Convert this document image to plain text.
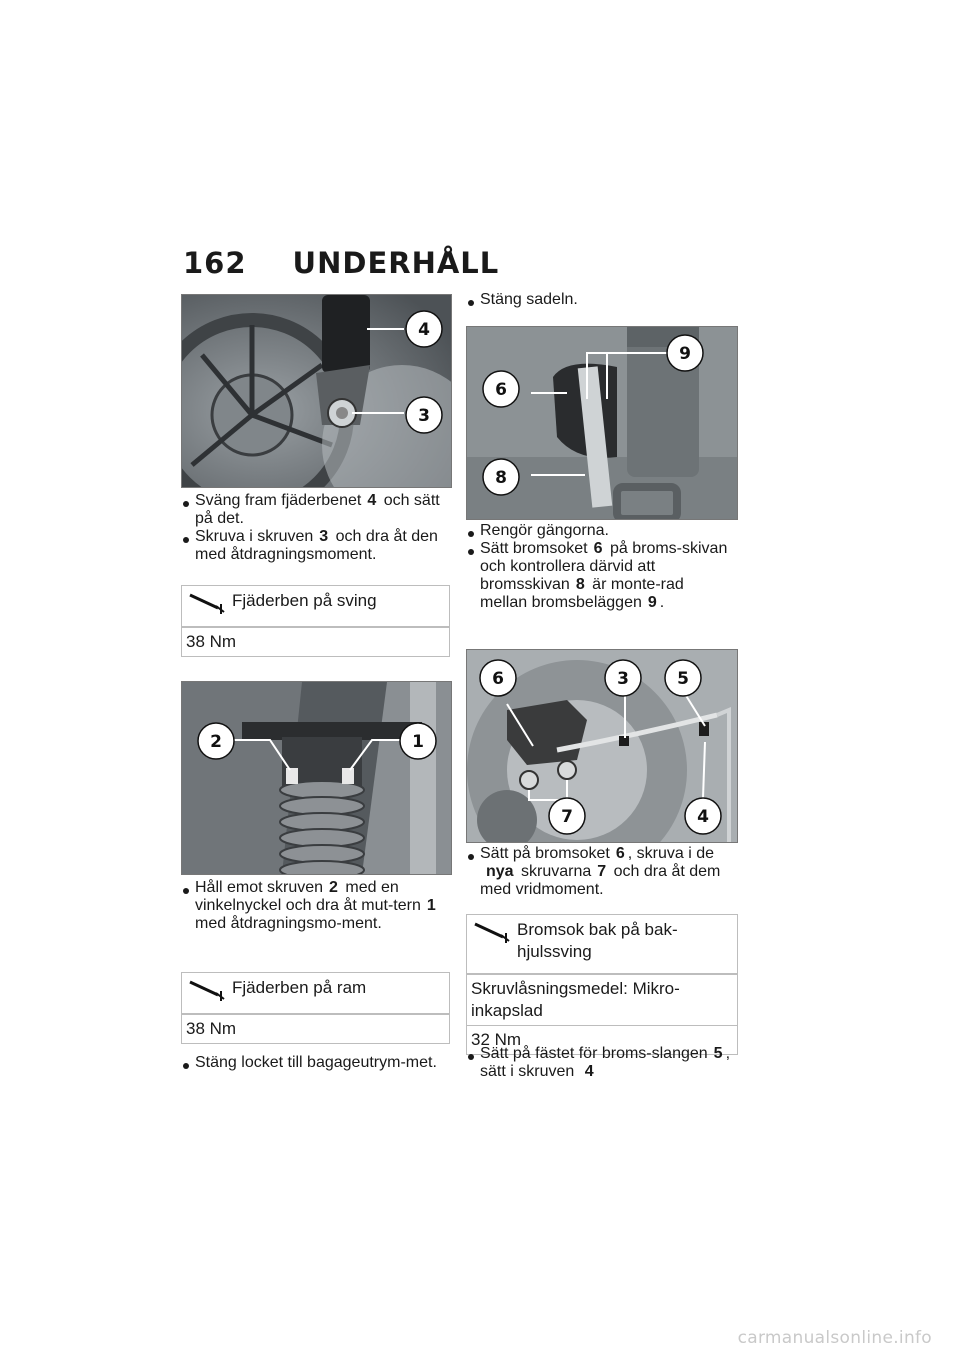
162 UNDERHÅLL
4
3
Sväng fram fjäderbenet 4 och sätt på det.
Skruva i skruven 3 och dra åt den med åtdragningsmoment.
Fjäderben på sving
38 Nm
2	1
Håll emot skruven 2 med en vinkelnyckel och dra åt mut-tern 1 med åtdragningsmo-ment.
Fjäderben på ram
38 Nm
Stäng locket till bagageutrym-met.
Stäng sadeln.
9
6
8
Rengör gängorna.
Sätt bromsoket 6 på broms-skivan och kontrollera därvid att bromsskivan 8 är monte-rad mellan bromsbeläggen 9 .
6	3	5
7	4
Sätt på bromsoket 6 , skruva i de nya skruvarna 7 och dra åt dem med vridmoment.
Bromsok bak på bak-hjulssving
Skruvlåsningsmedel: Mikro-inkapslad
32 Nm
Sätt på fästet för broms-slangen 5 , sätt i skruven 4
carmanualsonline.info
